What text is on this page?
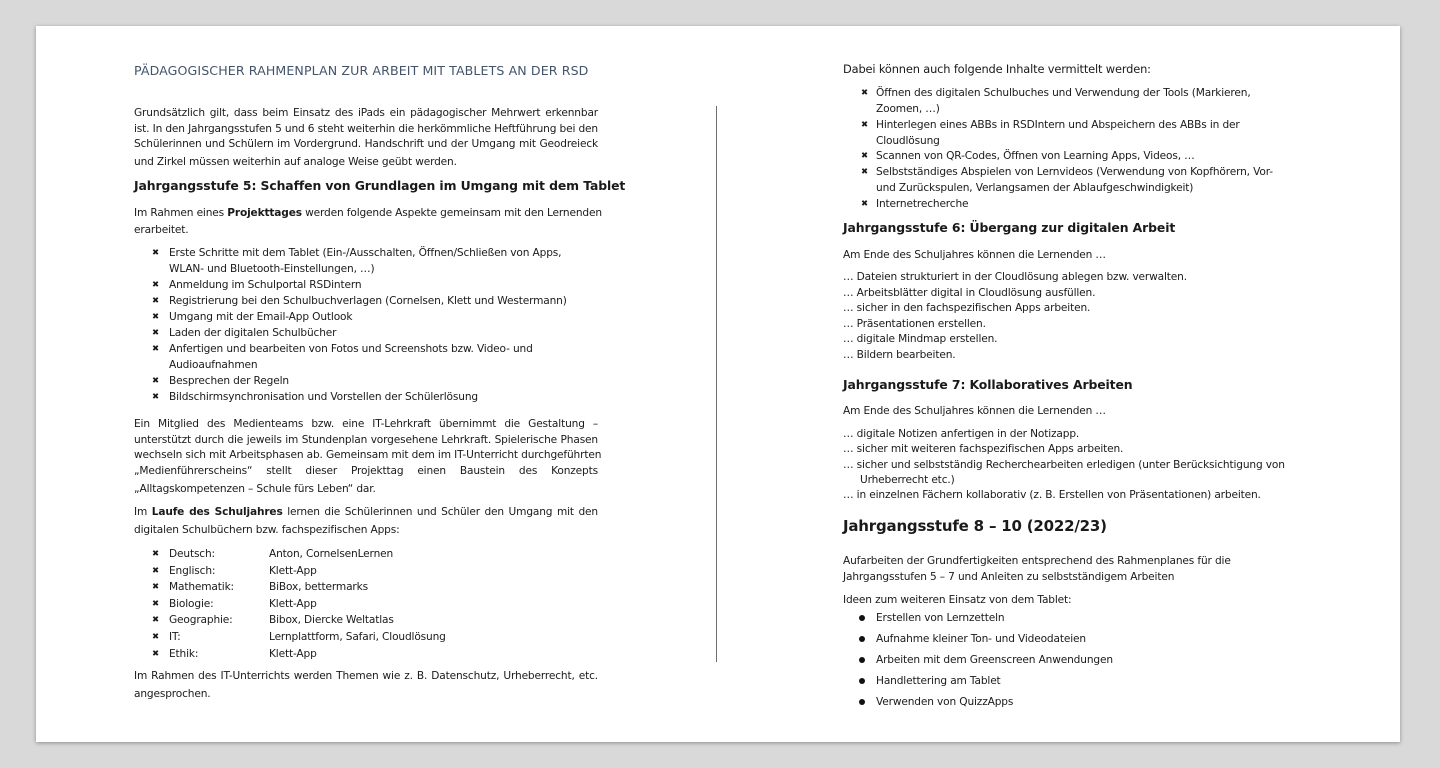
PÄDAGOGISCHER RAHMENPLAN ZUR ARBEIT MIT TABLETS AN DER RSD
Grundsätzlich gilt, dass beim Einsatz des iPads ein pädagogischer Mehrwert erkennbar
ist. In den Jahrgangsstufen 5 und 6 steht weiterhin die herkömmliche Heftführung bei den
Schülerinnen und Schülern im Vordergrund. Handschrift und der Umgang mit Geodreieck
und Zirkel müssen weiterhin auf analoge Weise geübt werden.
Jahrgangsstufe 5: Schaffen von Grundlagen im Umgang mit dem Tablet
Im Rahmen eines Projekttages werden folgende Aspekte gemeinsam mit den Lernenden
erarbeitet.
✖ Erste Schritte mit dem Tablet (Ein-/Ausschalten, Öffnen/Schließen von Apps,
WLAN- und Bluetooth-Einstellungen, …)
✖ Anmeldung im Schulportal RSDintern
✖ Registrierung bei den Schulbuchverlagen (Cornelsen, Klett und Westermann)
✖ Umgang mit der Email-App Outlook
✖ Laden der digitalen Schulbücher
✖ Anfertigen und bearbeiten von Fotos und Screenshots bzw. Video- und
Audioaufnahmen
✖ Besprechen der Regeln
✖ Bildschirmsynchronisation und Vorstellen der Schülerlösung
Ein Mitglied des Medienteams bzw. eine IT-Lehrkraft übernimmt die Gestaltung –
unterstützt durch die jeweils im Stundenplan vorgesehene Lehrkraft. Spielerische Phasen
wechseln sich mit Arbeitsphasen ab. Gemeinsam mit dem im IT-Unterricht durchgeführten
„Medienführerscheins“ stellt dieser Projekttag einen Baustein des Konzepts
„Alltagskompetenzen – Schule fürs Leben“ dar.
Im Laufe des Schuljahres lernen die Schülerinnen und Schüler den Umgang mit den
digitalen Schulbüchern bzw. fachspezifischen Apps:
✖ Deutsch:	Anton, CornelsenLernen
✖ Englisch:	Klett-App
✖ Mathematik:	BiBox, bettermarks
✖ Biologie:	Klett-App
✖ Geographie:	Bibox, Diercke Weltatlas
✖ IT:	Lernplattform, Safari, Cloudlösung
✖ Ethik:	Klett-App
Im Rahmen des IT-Unterrichts werden Themen wie z. B. Datenschutz, Urheberrecht, etc.
angesprochen.
Dabei können auch folgende Inhalte vermittelt werden:
✖ Öffnen des digitalen Schulbuches und Verwendung der Tools (Markieren,
Zoomen, …)
✖ Hinterlegen eines ABBs in RSDIntern und Abspeichern des ABBs in der
Cloudlösung
✖ Scannen von QR-Codes, Öffnen von Learning Apps, Videos, …
✖ Selbstständiges Abspielen von Lernvideos (Verwendung von Kopfhörern, Vor-
und Zurückspulen, Verlangsamen der Ablaufgeschwindigkeit)
✖ Internetrecherche
Jahrgangsstufe 6: Übergang zur digitalen Arbeit
Am Ende des Schuljahres können die Lernenden …
… Dateien strukturiert in der Cloudlösung ablegen bzw. verwalten.
… Arbeitsblätter digital in Cloudlösung ausfüllen.
… sicher in den fachspezifischen Apps arbeiten.
… Präsentationen erstellen.
… digitale Mindmap erstellen.
… Bildern bearbeiten.
Jahrgangsstufe 7: Kollaboratives Arbeiten
Am Ende des Schuljahres können die Lernenden …
… digitale Notizen anfertigen in der Notizapp.
… sicher mit weiteren fachspezifischen Apps arbeiten.
… sicher und selbstständig Recherchearbeiten erledigen (unter Berücksichtigung von
Urheberrecht etc.)
… in einzelnen Fächern kollaborativ (z. B. Erstellen von Präsentationen) arbeiten.
Jahrgangsstufe 8 – 10 (2022/23)
Aufarbeiten der Grundfertigkeiten entsprechend des Rahmenplanes für die
Jahrgangsstufen 5 – 7 und Anleiten zu selbstständigem Arbeiten
Ideen zum weiteren Einsatz von dem Tablet:
Erstellen von Lernzetteln
Aufnahme kleiner Ton- und Videodateien
Arbeiten mit dem Greenscreen Anwendungen
Handlettering am Tablet
Verwenden von QuizzApps
